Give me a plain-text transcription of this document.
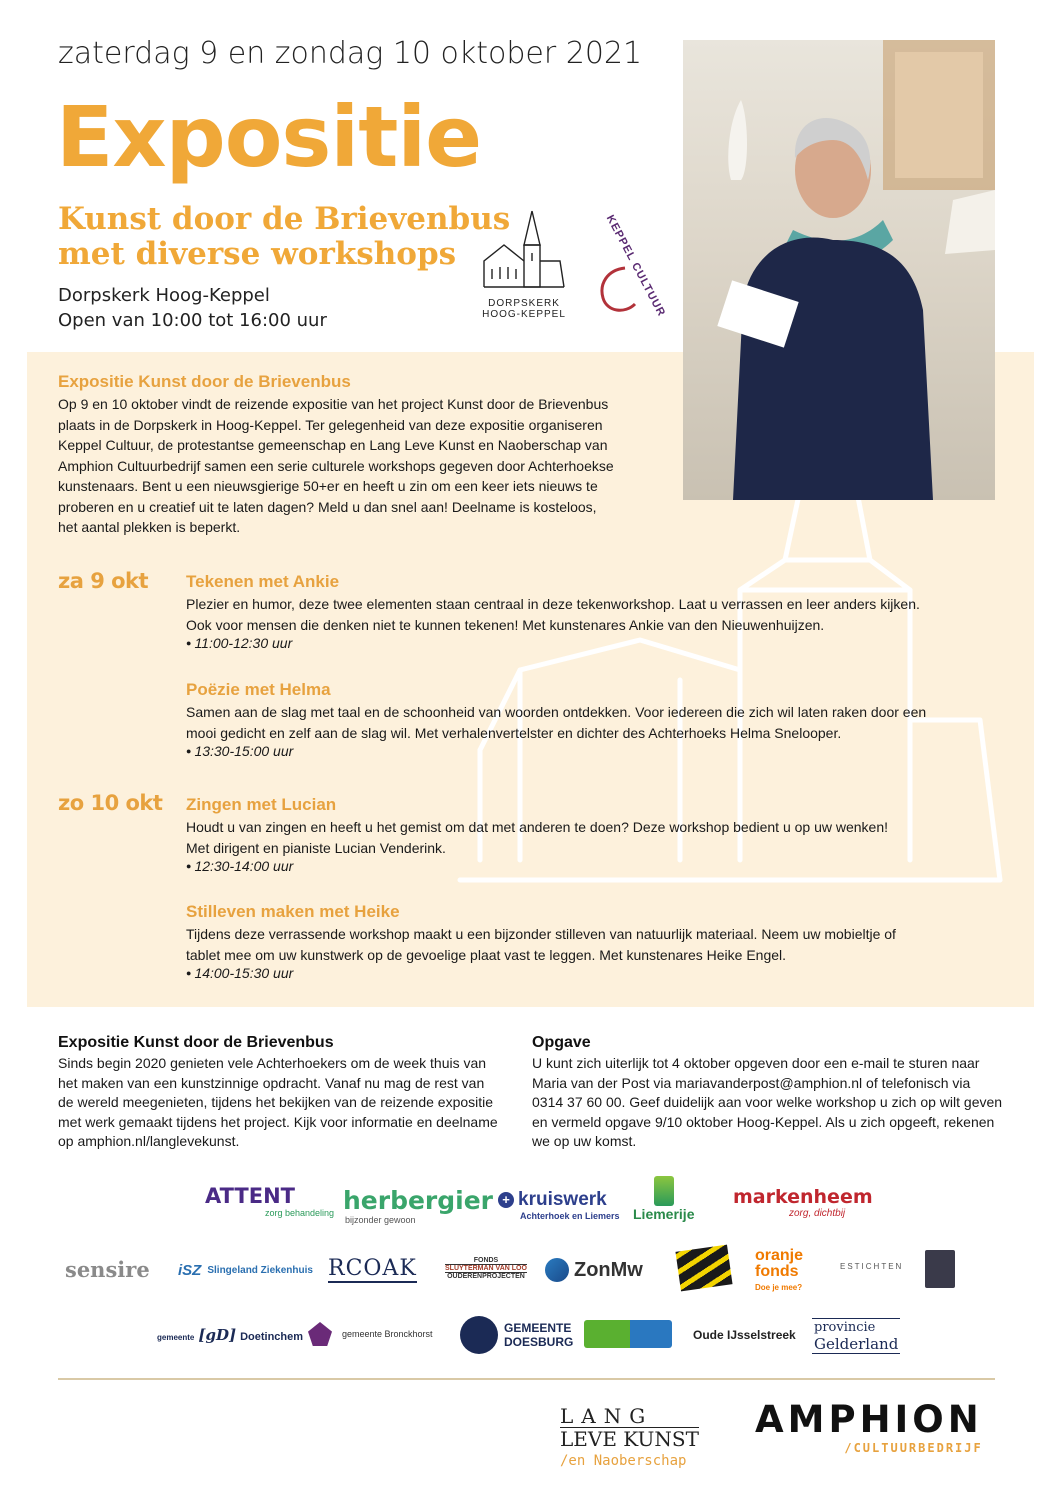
zaterdag 9 en zondag 10 oktober 2021
Expositie
Kunst door de Brievenbus
met diverse workshops
Dorpskerk Hoog-Keppel
Open van 10:00 tot 16:00 uur
DORPSKERK
HOOG-KEPPEL	KEPPEL CULTUUR
Expositie Kunst door de Brievenbus
Op 9 en 10 oktober vindt de reizende expositie van het project Kunst door de Brievenbus
plaats in de Dorpskerk in Hoog-Keppel. Ter gelegenheid van deze expositie organiseren
Keppel Cultuur, de protestantse gemeenschap en Lang Leve Kunst en Naoberschap van
Amphion Cultuurbedrijf samen een serie culturele workshops gegeven door Achterhoekse
kunstenaars. Bent u een nieuwsgierige 50+er en heeft u zin om een keer iets nieuws te
proberen en u creatief uit te laten dagen? Meld u dan snel aan! Deelname is kosteloos,
het aantal plekken is beperkt.
za 9 okt
zo 10 okt
Tekenen met Ankie
Plezier en humor, deze twee elementen staan centraal in deze tekenworkshop. Laat u verrassen en leer anders kijken.
Ook voor mensen die denken niet te kunnen tekenen! Met kunstenares Ankie van den Nieuwenhuijzen.
● 11:00-12:30 uur
Poëzie met Helma
Samen aan de slag met taal en de schoonheid van woorden ontdekken. Voor iedereen die zich wil laten raken door een
mooi gedicht en zelf aan de slag wil. Met verhalenvertelster en dichter des Achterhoeks Helma Snelooper.
● 13:30-15:00 uur
Zingen met Lucian
Houdt u van zingen en heeft u het gemist om dat met anderen te doen? Deze workshop bedient u op uw wenken!
Met dirigent en pianiste Lucian Venderink.
● 12:30-14:00 uur
Stilleven maken met Heike
Tijdens deze verrassende workshop maakt u een bijzonder stilleven van natuurlijk materiaal. Neem uw mobieltje of
tablet mee om uw kunstwerk op de gevoelige plaat vast te leggen. Met kunstenares Heike Engel.
● 14:00-15:30 uur
Expositie Kunst door de Brievenbus
Sinds begin 2020 genieten vele Achterhoekers om de week thuis van
het maken van een kunstzinnige opdracht. Vanaf nu mag de rest van
de wereld meegenieten, tijdens het bekijken van de reizende expositie
met werk gemaakt tijdens het project. Kijk voor informatie en deelname
op amphion.nl/langlevekunst.
Opgave
U kunt zich uiterlijk tot 4 oktober opgeven door een e-mail te sturen naar
Maria van der Post via mariavanderpost@amphion.nl of telefonisch via
0314 37 60 00. Geef duidelijk aan voor welke workshop u zich op wilt geven
en vermeld opgave 9/10 oktober Hoog-Keppel. Als u zich opgeeft, rekenen
we op uw komst.
ATTENT
zorg behandeling herbergier
bijzonder gewoon
+ kruiswerk
Achterhoek en Liemers Liemerije
markenheem
zorg, dichtbij
sensire iSZ Slingeland Ziekenhuis RCOAK	FONDS
SLUYTERMAN VAN LOO
OUDERENPROJECTEN ZonMw
oranje
fonds
Doe je mee?
ESTICHTEN
gemeente [gD] Doetinchem	gemeente Bronckhorst	GEMEENTE
DOESBURG	Oude IJsselstreek provincie
Gelderland
LANG
LEVE KUNST
/en Naoberschap
AMPHION
/CULTUURBEDRIJF
